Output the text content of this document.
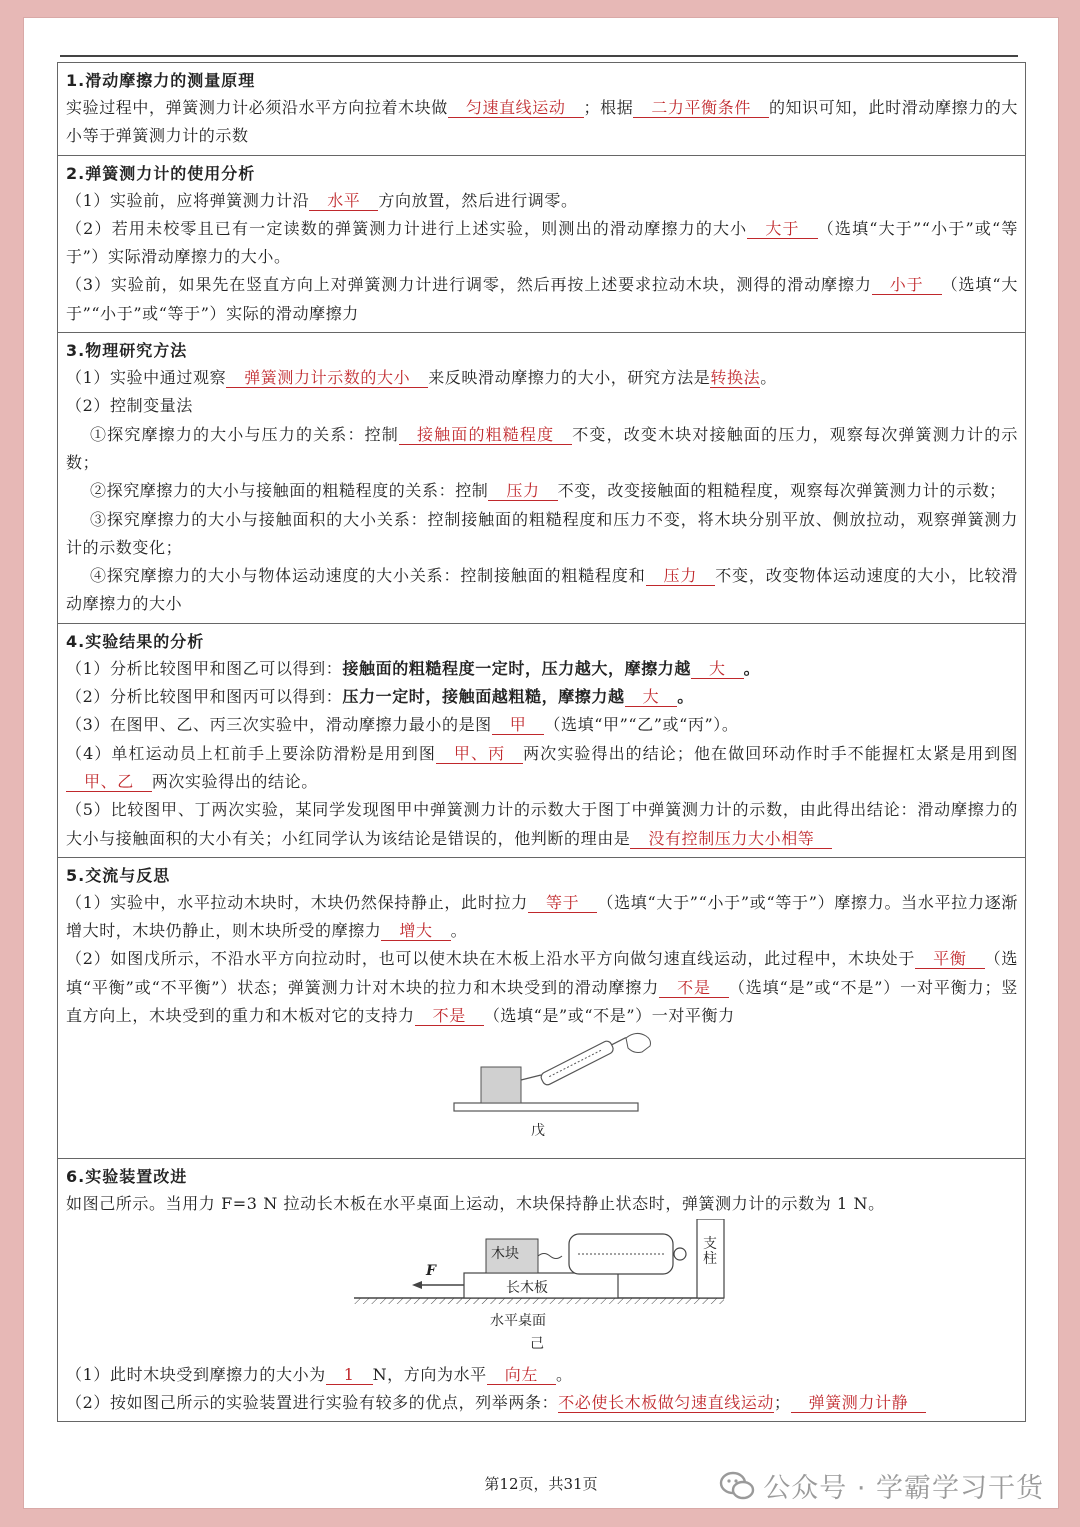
1.滑动摩擦力的测量原理
实验过程中，弹簧测力计必须沿水平方向拉着木块做 匀速直线运动 ；根据 二力平衡条件 的知识可知，此时滑动摩擦力的大小等于弹簧测力计的示数
2.弹簧测力计的使用分析
（1）实验前，应将弹簧测力计沿 水平 方向放置，然后进行调零。
（2）若用未校零且已有一定读数的弹簧测力计进行上述实验，则测出的滑动摩擦力的大小 大于 （选填“大于”“小于”或“等于”）实际滑动摩擦力的大小。
（3）实验前，如果先在竖直方向上对弹簧测力计进行调零，然后再按上述要求拉动木块，测得的滑动摩擦力 小于 （选填“大于”“小于”或“等于”）实际的滑动摩擦力
3.物理研究方法
（1）实验中通过观察 弹簧测力计示数的大小 来反映滑动摩擦力的大小，研究方法是转换法。
（2）控制变量法
①探究摩擦力的大小与压力的关系：控制 接触面的粗糙程度 不变，改变木块对接触面的压力，观察每次弹簧测力计的示数；
②探究摩擦力的大小与接触面的粗糙程度的关系：控制 压力 不变，改变接触面的粗糙程度，观察每次弹簧测力计的示数；
③探究摩擦力的大小与接触面积的大小关系：控制接触面的粗糙程度和压力不变，将木块分别平放、侧放拉动，观察弹簧测力计的示数变化；
④探究摩擦力的大小与物体运动速度的大小关系：控制接触面的粗糙程度和 压力 不变，改变物体运动速度的大小，比较滑动摩擦力的大小
4.实验结果的分析
（1）分析比较图甲和图乙可以得到：接触面的粗糙程度一定时，压力越大，摩擦力越 大 。
（2）分析比较图甲和图丙可以得到：压力一定时，接触面越粗糙，摩擦力越 大 。
（3）在图甲、乙、丙三次实验中，滑动摩擦力最小的是图 甲 （选填“甲”“乙”或“丙”）。
（4）单杠运动员上杠前手上要涂防滑粉是用到图 甲、丙 两次实验得出的结论；他在做回环动作时手不能握杠太紧是用到图甲、乙 两次实验得出的结论。
（5）比较图甲、丁两次实验，某同学发现图甲中弹簧测力计的示数大于图丁中弹簧测力计的示数，由此得出结论：滑动摩擦力的大小与接触面积的大小有关；小红同学认为该结论是错误的，他判断的理由是 没有控制压力大小相等
5.交流与反思
（1）实验中，水平拉动木块时，木块仍然保持静止，此时拉力 等于 （选填“大于”“小于”或“等于”）摩擦力。当水平拉力逐渐增大时，木块仍静止，则木块所受的摩擦力 增大 。
（2）如图戊所示，不沿水平方向拉动时，也可以使木块在木板上沿水平方向做匀速直线运动，此过程中，木块处于 平衡 （选填“平衡”或“不平衡”）状态；弹簧测力计对木块的拉力和木块受到的滑动摩擦力 不是 （选填“是”或“不是”）一对平衡力；竖直方向上，木块受到的重力和木板对它的支持力 不是 （选填“是”或“不是”）一对平衡力
戊
6.实验装置改进
如图己所示。当用力 F=3 N 拉动长木板在水平桌面上运动，木块保持静止状态时，弹簧测力计的示数为 1 N。
木块
长木板
支柱
水平桌面
F
己
（1）此时木块受到摩擦力的大小为 1 N，方向为水平 向左 。
（2）按如图己所示的实验装置进行实验有较多的优点，列举两条：不必使长木板做匀速直线运动； 弹簧测力计静
第12页，共31页	公众号 · 学霸学习干货
